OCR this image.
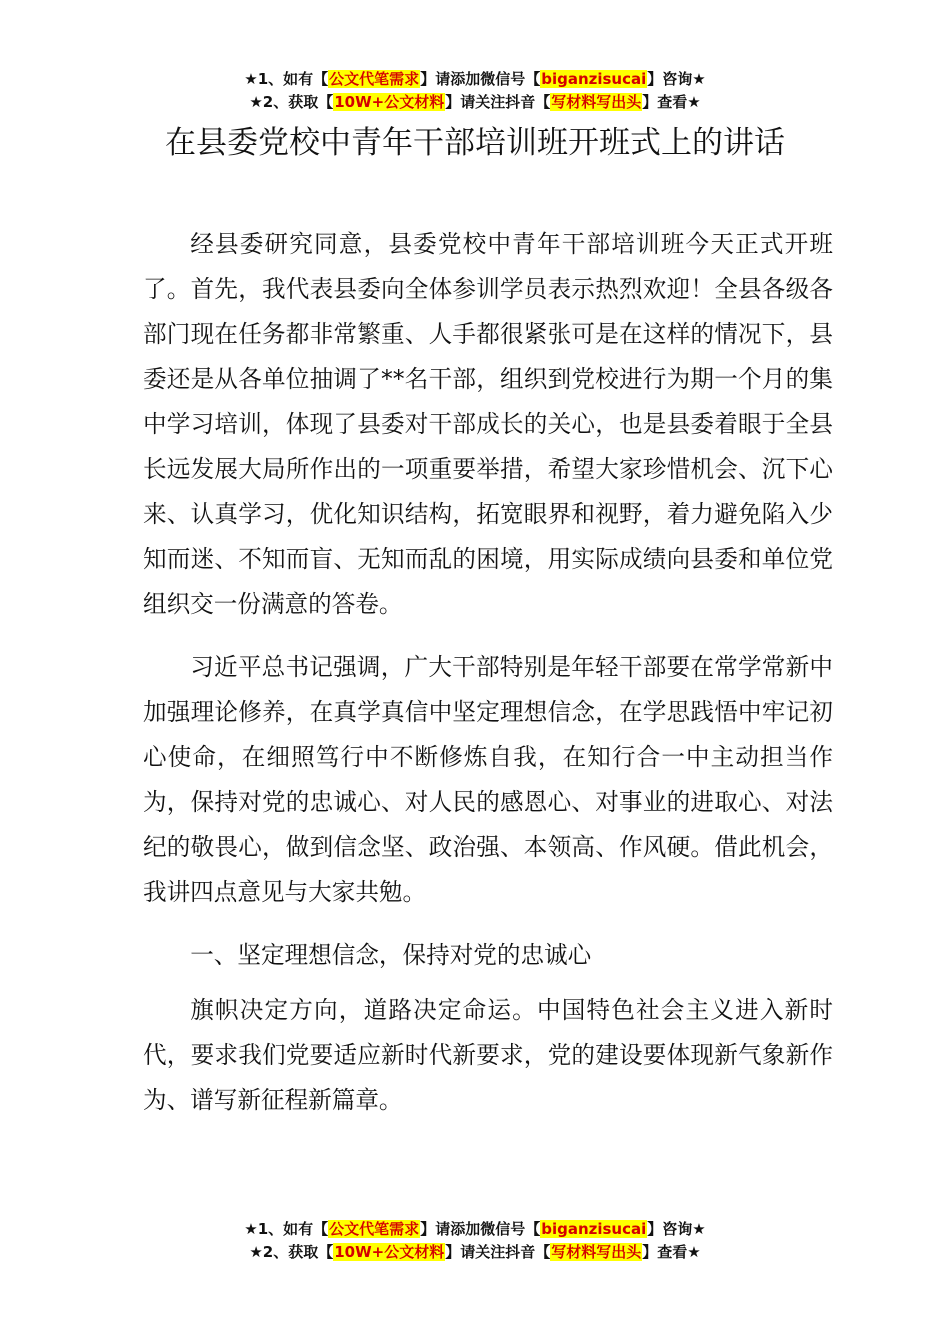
★1、如有【公文代笔需求】请添加微信号【biganzisucai】咨询★
★2、获取【10W+公文材料】请关注抖音【写材料写出头】查看★
在县委党校中青年干部培训班开班式上的讲话

经县委研究同意，县委党校中青年干部培训班今天正式开班了。首先，我代表县委向全体参训学员表示热烈欢迎！全县各级各部门现在任务都非常繁重、人手都很紧张可是在这样的情况下，县委还是从各单位抽调了**名干部，组织到党校进行为期一个月的集中学习培训，体现了县委对干部成长的关心，也是县委着眼于全县长远发展大局所作出的一项重要举措，希望大家珍惜机会、沉下心来、认真学习，优化知识结构，拓宽眼界和视野，着力避免陷入少知而迷、不知而盲、无知而乱的困境，用实际成绩向县委和单位党组织交一份满意的答卷。

习近平总书记强调，广大干部特别是年轻干部要在常学常新中加强理论修养，在真学真信中坚定理想信念，在学思践悟中牢记初心使命，在细照笃行中不断修炼自我，在知行合一中主动担当作为，保持对党的忠诚心、对人民的感恩心、对事业的进取心、对法纪的敬畏心，做到信念坚、政治强、本领高、作风硬。借此机会，我讲四点意见与大家共勉。

一、坚定理想信念，保持对党的忠诚心

旗帜决定方向，道路决定命运。中国特色社会主义进入新时代，要求我们党要适应新时代新要求，党的建设要体现新气象新作为、谱写新征程新篇章。

★1、如有【公文代笔需求】请添加微信号【biganzisucai】咨询★
★2、获取【10W+公文材料】请关注抖音【写材料写出头】查看★
